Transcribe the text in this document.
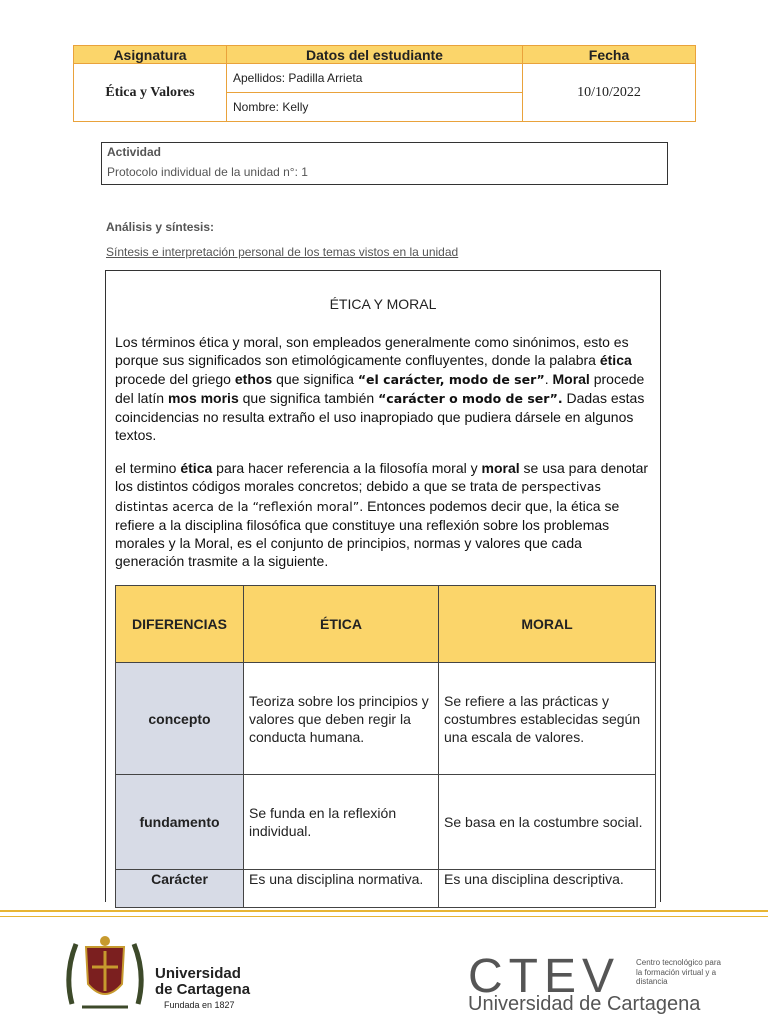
Asignatura	Datos del estudiante	Fecha
Ética y Valores	Apellidos: Padilla Arrieta	10/10/2022
	Nombre: Kelly	
Actividad
Protocolo individual de la unidad n°: 1
Análisis y síntesis:
Síntesis e interpretación personal de los temas vistos en la unidad
ÉTICA Y MORAL

Los términos ética y moral, son empleados generalmente como sinónimos, esto es porque sus significados son etimológicamente confluyentes, donde la palabra ética procede del griego ethos que significa “el carácter, modo de ser”. Moral procede del latín mos moris que significa también “carácter o modo de ser”. Dadas estas coincidencias no resulta extraño el uso inapropiado que pudiera dársele en algunos textos.

el termino ética para hacer referencia a la filosofía moral y moral se usa para denotar los distintos códigos morales concretos; debido a que se trata de perspectivas distintas acerca de la “reflexión moral”. Entonces podemos decir que, la ética se refiere a la disciplina filosófica que constituye una reflexión sobre los problemas morales y la Moral, es el conjunto de principios, normas y valores que cada generación trasmite a la siguiente.

DIFERENCIAS	ÉTICA	MORAL
concepto	Teoriza sobre los principios y valores que deben regir la conducta humana.	Se refiere a las prácticas y costumbres establecidas según una escala de valores.
fundamento	Se funda en la reflexión individual.	Se basa en la costumbre social.
Carácter	Es una disciplina normativa.	Es una disciplina descriptiva.
Universidad
de Cartagena
Fundada en 1827
CTEV Centro tecnológico para la formación virtual y a distancia
Universidad de Cartagena
